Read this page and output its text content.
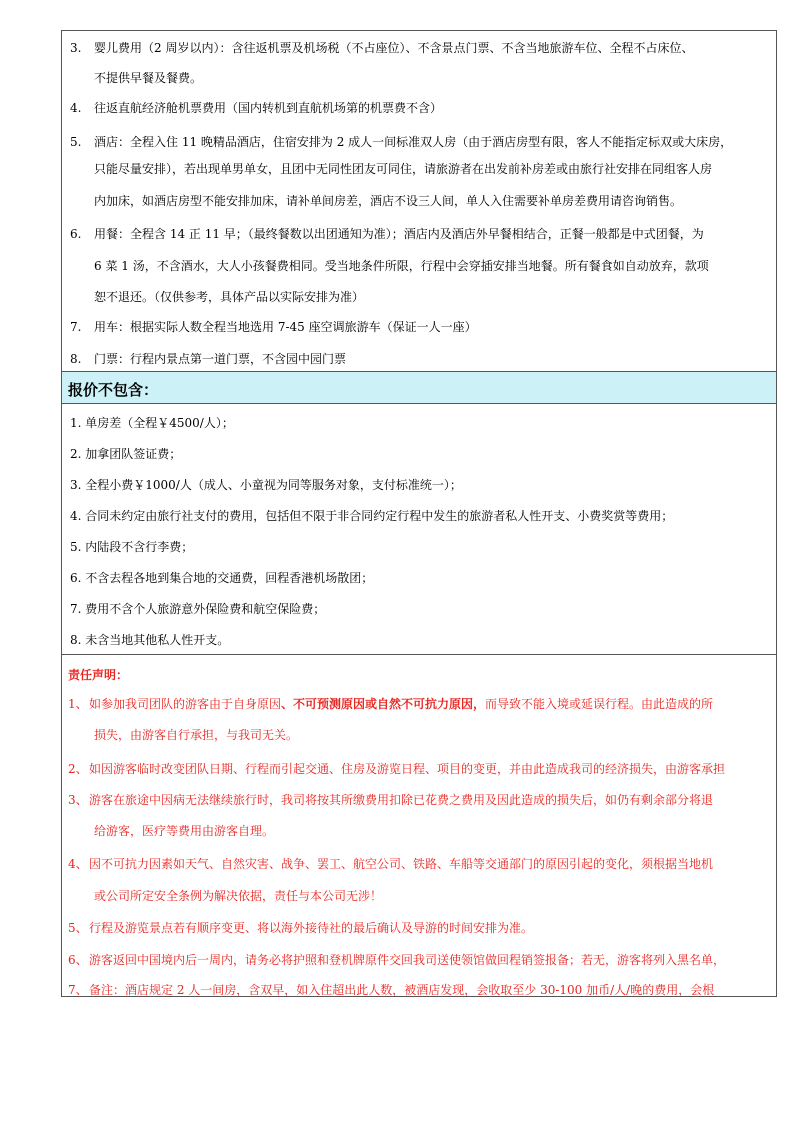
3. 婴儿费用（2 周岁以内）：含往返机票及机场税（不占座位）、不含景点门票、不含当地旅游车位、全程不占床位、
不提供早餐及餐费。
4. 往返直航经济舱机票费用（国内转机到直航机场第的机票费不含）
5. 酒店：全程入住 11 晚精品酒店，住宿安排为 2 成人一间标准双人房（由于酒店房型有限，客人不能指定标双或大床房，
只能尽量安排），若出现单男单女，且团中无同性团友可同住，请旅游者在出发前补房差或由旅行社安排在同组客人房
内加床，如酒店房型不能安排加床，请补单间房差，酒店不设三人间，单人入住需要补单房差费用请咨询销售。
6. 用餐：全程含 14 正 11 早；（最终餐数以出团通知为准）；酒店内及酒店外早餐相结合，正餐一般都是中式团餐，为
6 菜 1 汤，不含酒水，大人小孩餐费相同。受当地条件所限，行程中会穿插安排当地餐。所有餐食如自动放弃，款项
恕不退还。（仅供参考，具体产品以实际安排为准）
7. 用车：根据实际人数全程当地选用 7-45 座空调旅游车（保证一人一座）
8. 门票：行程内景点第一道门票，不含园中园门票
报价不包含：
1. 单房差（全程￥4500/人）；
2. 加拿团队签证费；
3. 全程小费￥1000/人（成人、小童视为同等服务对象，支付标准统一）；
4. 合同未约定由旅行社支付的费用，包括但不限于非合同约定行程中发生的旅游者私人性开支、小费奖赏等费用；
5. 内陆段不含行李费；
6. 不含去程各地到集合地的交通费，回程香港机场散团；
7. 费用不含个人旅游意外保险费和航空保险费；
8. 未含当地其他私人性开支。
责任声明：
1、 如参加我司团队的游客由于自身原因、不可预测原因或自然不可抗力原因，而导致不能入境或延误行程。由此造成的所
损失，由游客自行承担，与我司无关。
2、 如因游客临时改变团队日期、行程而引起交通、住房及游览日程、项目的变更，并由此造成我司的经济损失，由游客承担
3、 游客在旅途中因病无法继续旅行时，我司将按其所缴费用扣除已花费之费用及因此造成的损失后，如仍有剩余部分将退
给游客，医疗等费用由游客自理。
4、 因不可抗力因素如天气、自然灾害、战争、罢工、航空公司、铁路、车船等交通部门的原因引起的变化，须根据当地机
或公司所定安全条例为解决依据，责任与本公司无涉！
5、 行程及游览景点若有顺序变更、将以海外接待社的最后确认及导游的时间安排为准。
6、 游客返回中国境内后一周内，请务必将护照和登机牌原件交回我司送使领馆做回程销签报备；若无，游客将列入黑名单，
7、 备注：酒店规定 2 人一间房，含双早，如入住超出此人数，被酒店发现，会收取至少 30-100 加币/人/晚的费用，会根
